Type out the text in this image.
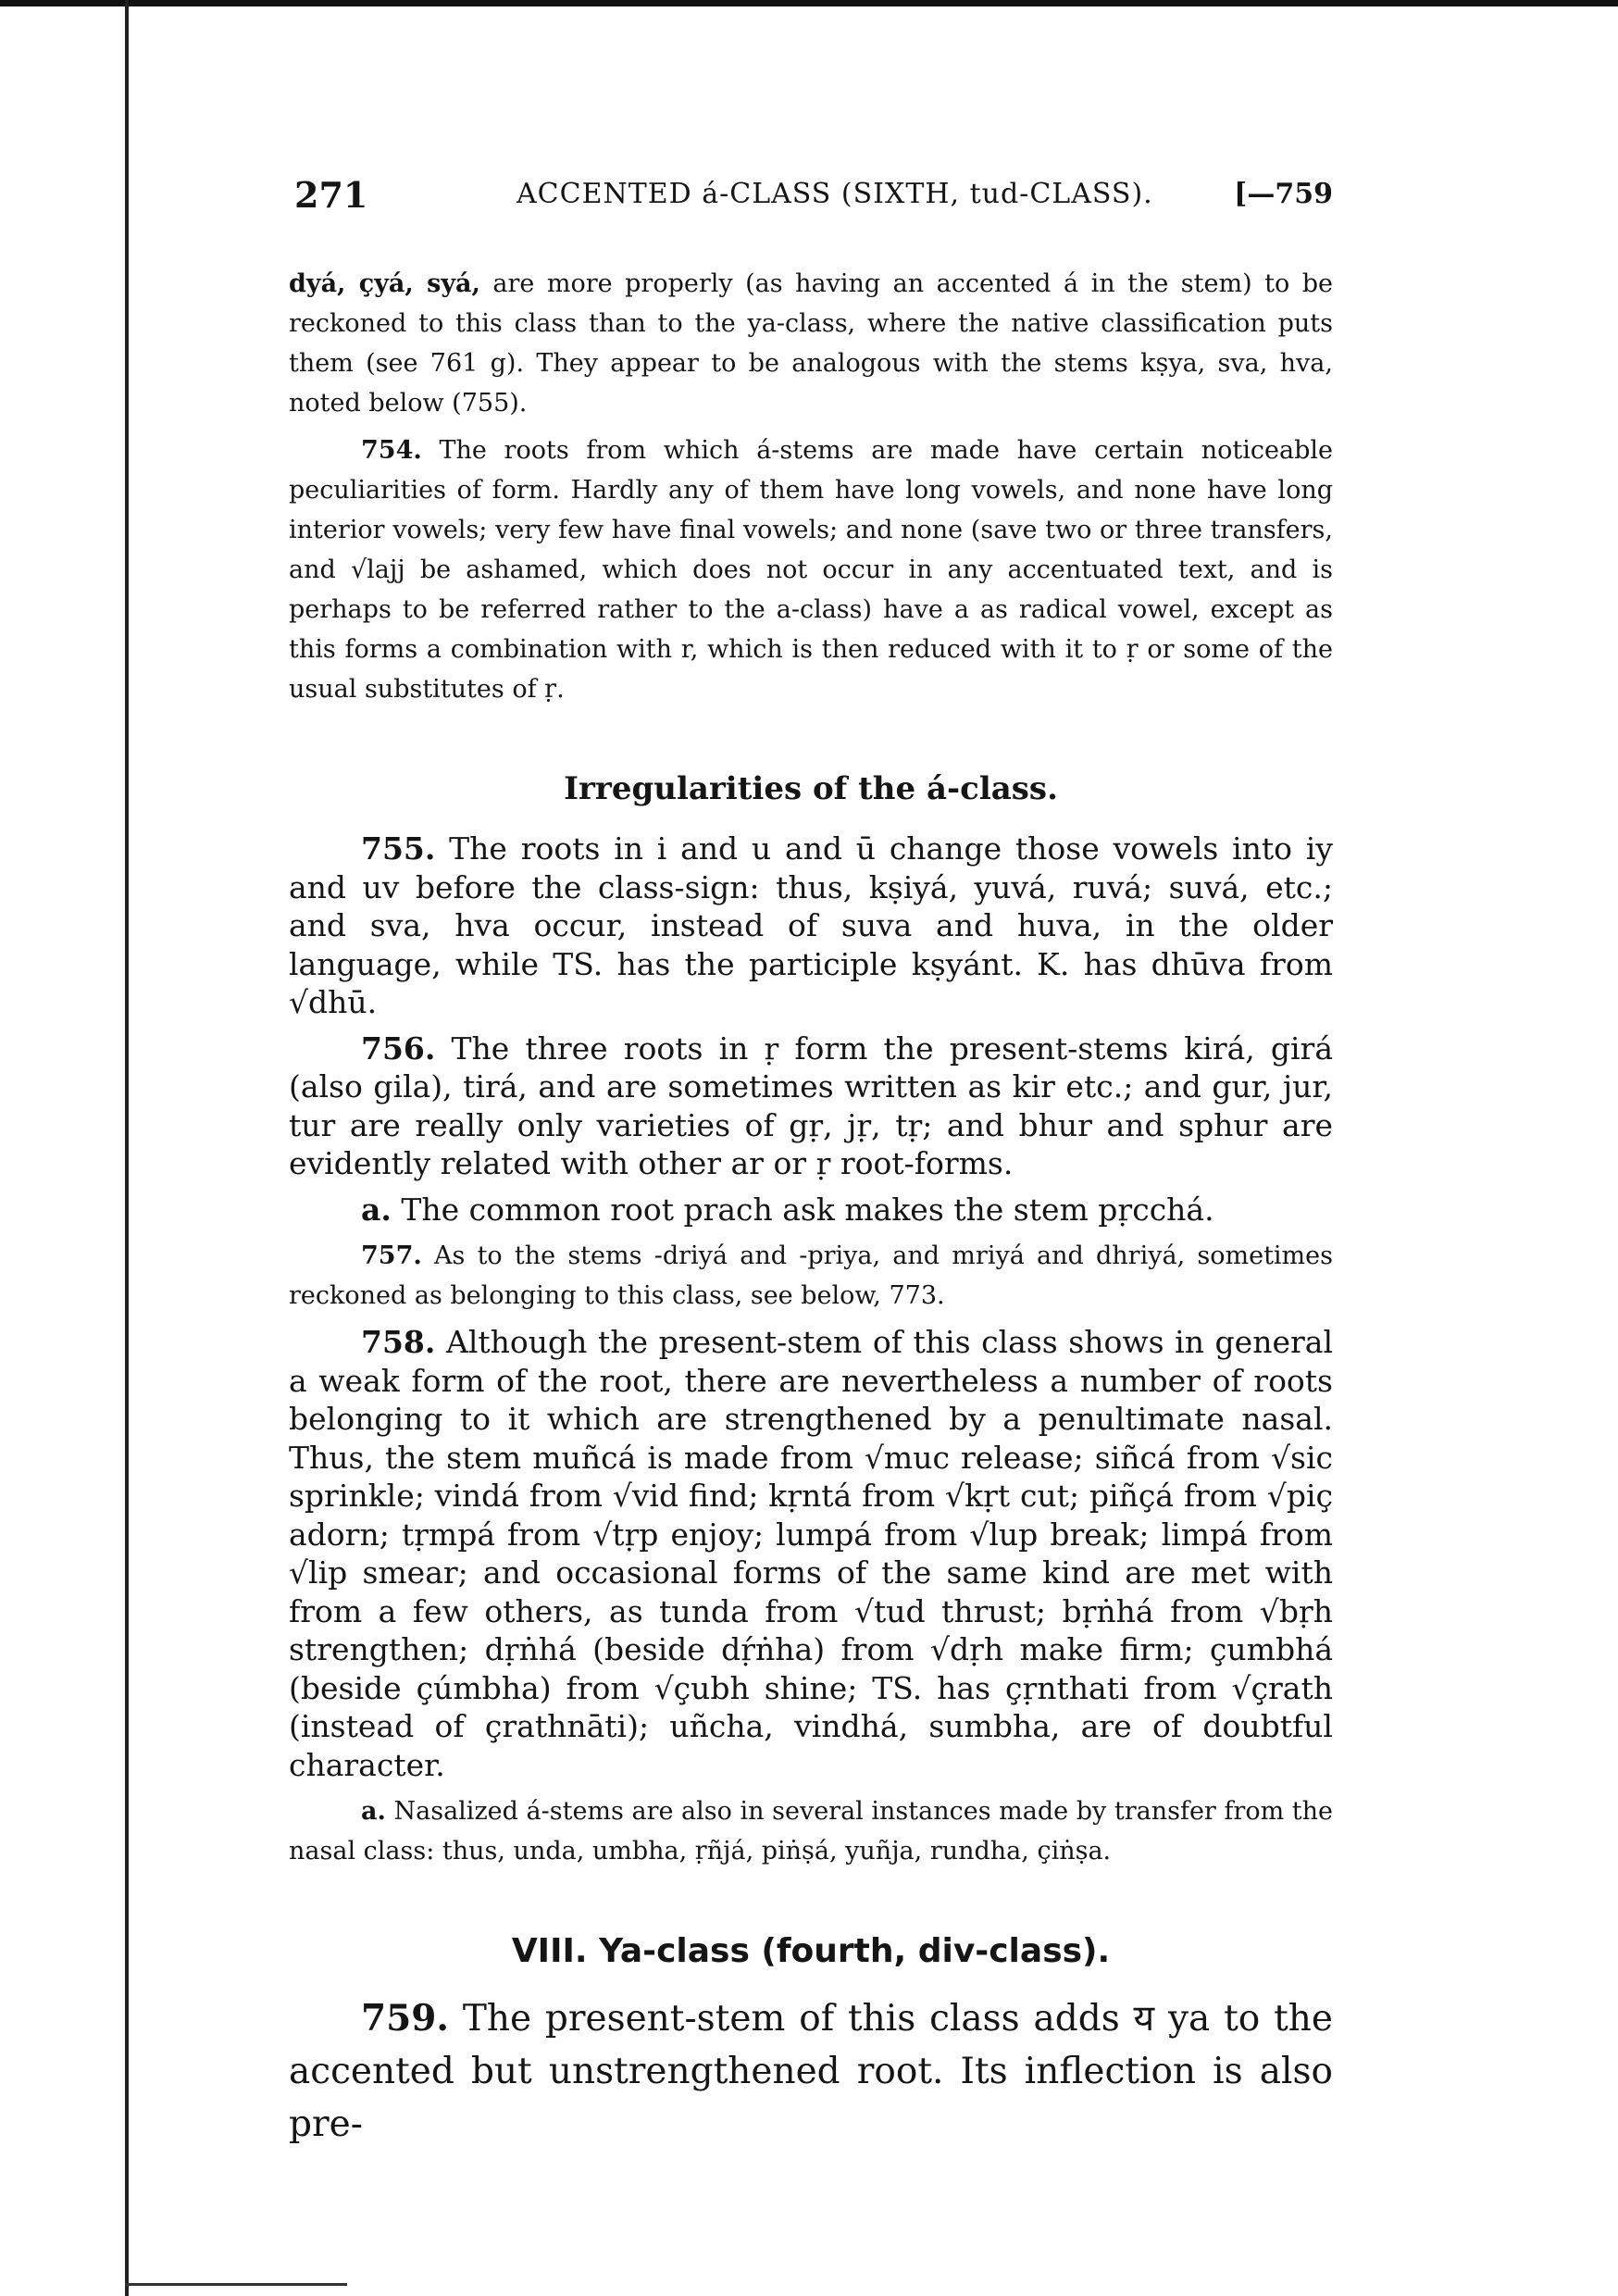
271	ACCENTED á-CLASS (SIXTH, tud-CLASS).	[—759

dyá, çyá, syá, are more properly (as having an accented á in the stem) to be reckoned to this class than to the ya-class, where the native classification puts them (see 761 g). They appear to be analogous with the stems kṣya, sva, hva, noted below (755).

754. The roots from which á-stems are made have certain noticeable peculiarities of form. Hardly any of them have long vowels, and none have long interior vowels; very few have final vowels; and none (save two or three transfers, and √lajj be ashamed, which does not occur in any accentuated text, and is perhaps to be referred rather to the a-class) have a as radical vowel, except as this forms a combination with r, which is then reduced with it to ṛ or some of the usual substitutes of ṛ.

Irregularities of the á-class.

755. The roots in i and u and ū change those vowels into iy and uv before the class-sign: thus, kṣiyá, yuvá, ruvá; suvá, etc.; and sva, hva occur, instead of suva and huva, in the older language, while TS. has the participle kṣyánt. K. has dhūva from √dhū.

756. The three roots in ṛ form the present-stems kirá, girá (also gila), tirá, and are sometimes written as kir etc.; and gur, jur, tur are really only varieties of gṛ, jṛ, tṛ; and bhur and sphur are evidently related with other ar or ṛ root-forms.

a. The common root prach ask makes the stem pṛcchá.

757. As to the stems -driyá and -priya, and mriyá and dhriyá, sometimes reckoned as belonging to this class, see below, 773.

758. Although the present-stem of this class shows in general a weak form of the root, there are nevertheless a number of roots belonging to it which are strengthened by a penultimate nasal. Thus, the stem muñcá is made from √muc release; siñcá from √sic sprinkle; vindá from √vid find; kṛntá from √kṛt cut; piñçá from √piç adorn; tṛmpá from √tṛp enjoy; lumpá from √lup break; limpá from √lip smear; and occasional forms of the same kind are met with from a few others, as tunda from √tud thrust; bṛṅhá from √bṛh strengthen; dṛṅhá (beside dṛ́ṅha) from √dṛh make firm; çumbhá (beside çúmbha) from √çubh shine; TS. has çṛnthati from √çrath (instead of çrathnāti); uñcha, vindhá, sumbha, are of doubtful character.

a. Nasalized á-stems are also in several instances made by transfer from the nasal class: thus, unda, umbha, ṛñjá, piṅṣá, yuñja, rundha, çiṅṣa.

VIII. Ya-class (fourth, div-class).

759. The present-stem of this class adds य ya to the accented but unstrengthened root. Its inflection is also pre-
